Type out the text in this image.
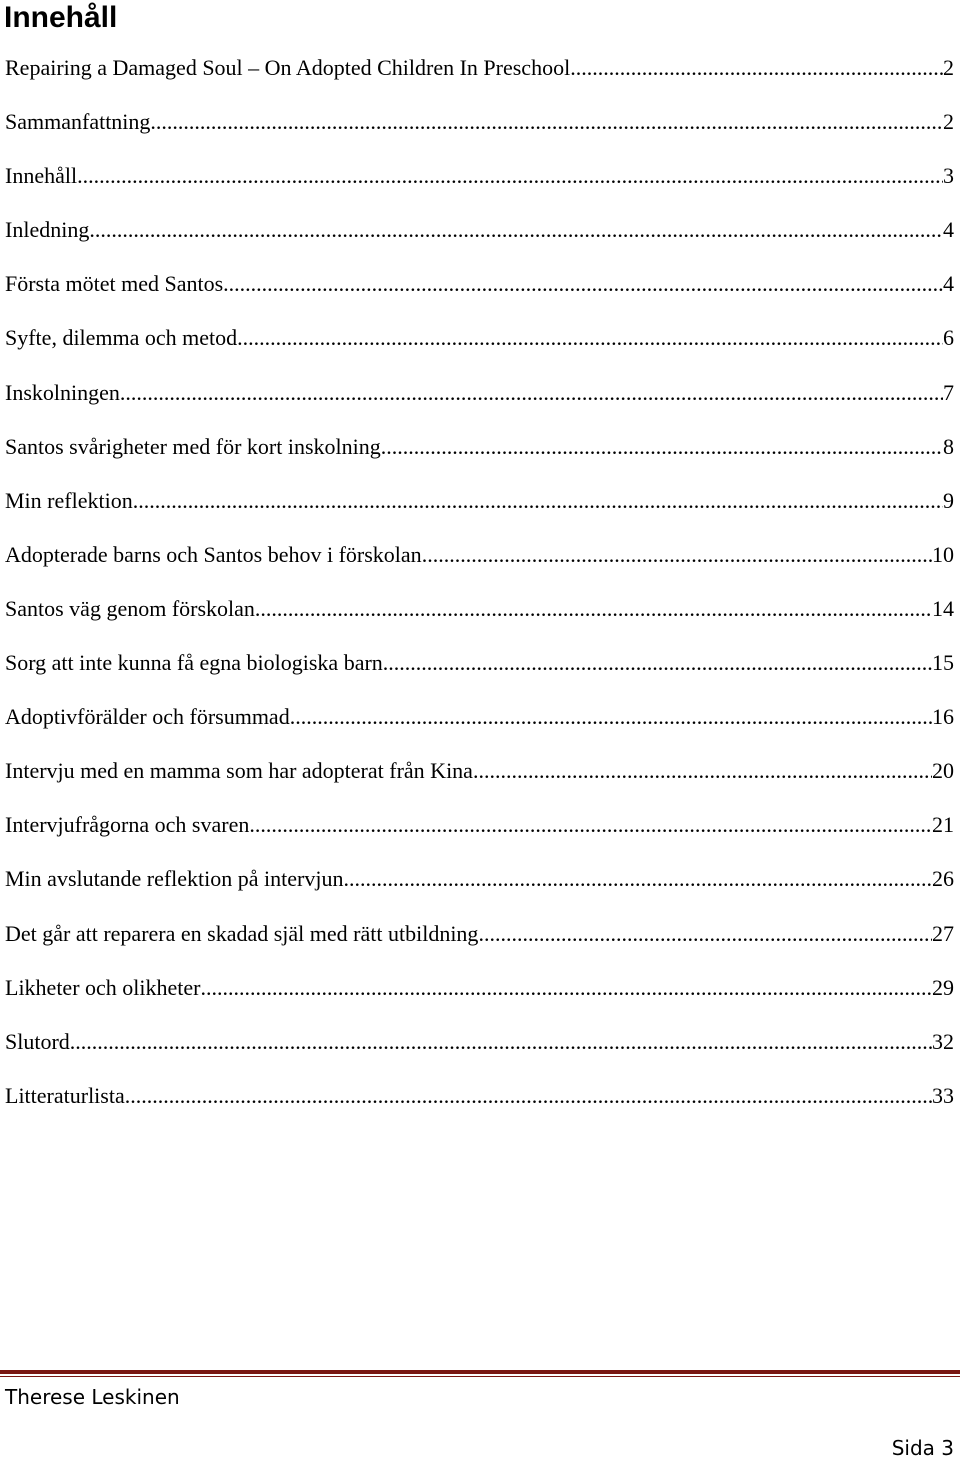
Innehåll
Repairing a Damaged Soul – On Adopted Children In Preschool .....	2
Sammanfattning .....	2
Innehåll .....	3
Inledning .....	4
Första mötet med Santos .....	4
Syfte, dilemma och metod .....	6
Inskolningen .....	7
Santos svårigheter med för kort inskolning .....	8
Min reflektion .....	9
Adopterade barns och Santos behov i förskolan .....	10
Santos väg genom förskolan .....	14
Sorg att inte kunna få egna biologiska barn .....	15
Adoptivförälder och försummad .....	16
Intervju med en mamma som har adopterat från Kina .....	20
Intervjufrågorna och svaren .....	21
Min avslutande reflektion på intervjun .....	26
Det går att reparera en skadad själ med rätt utbildning .....	27
Likheter och olikheter .....	29
Slutord .....	32
Litteraturlista .....	33
Therese Leskinen
Sida 3
